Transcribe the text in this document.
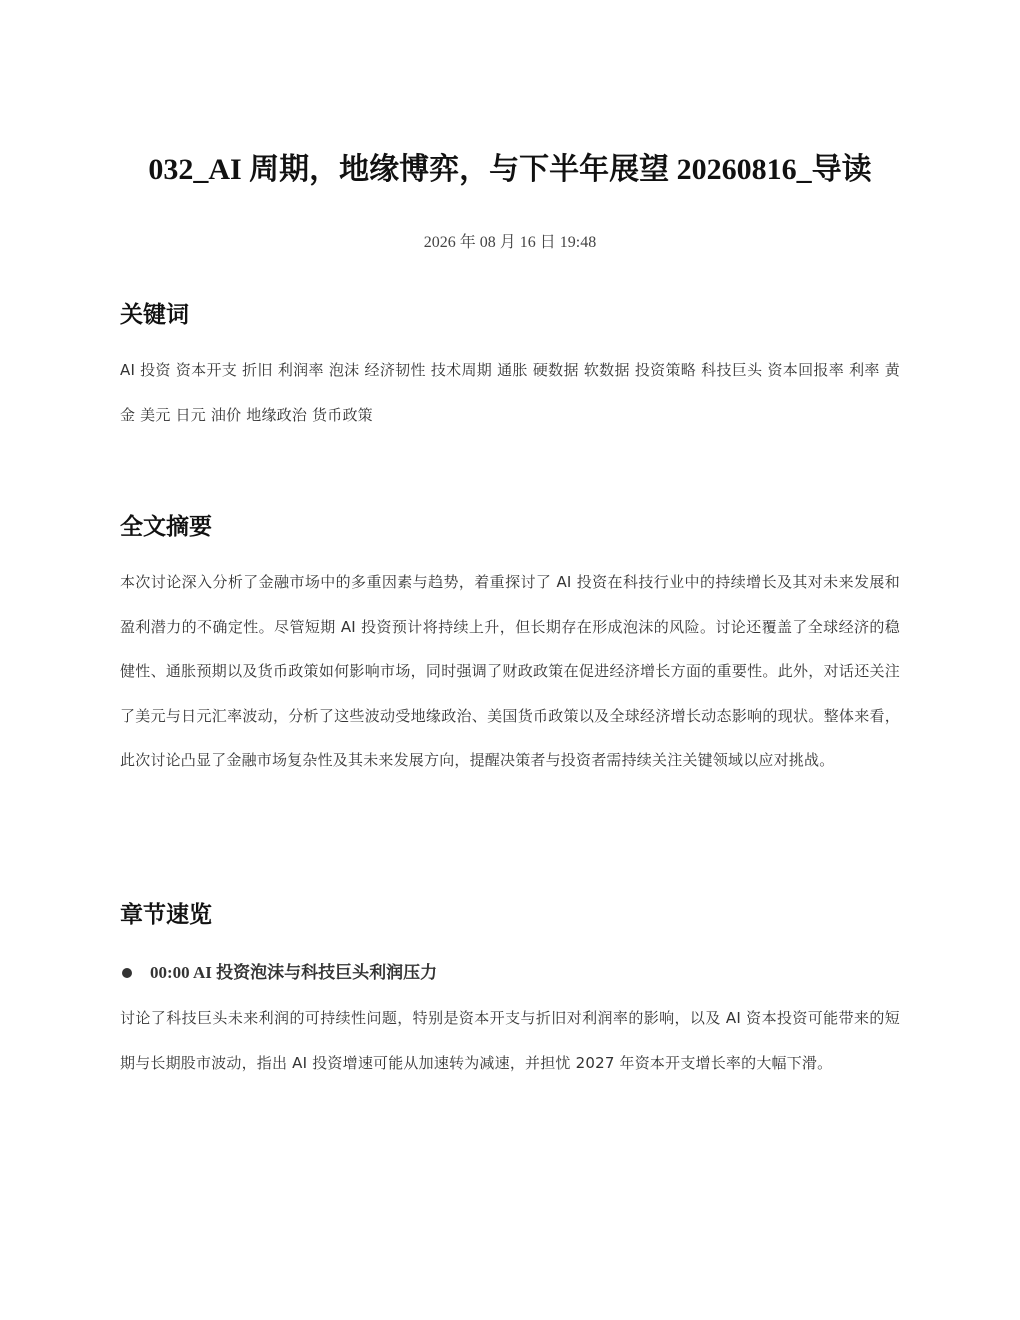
032_AI 周期，地缘博弈，与下半年展望 20260816_导读
2026 年 08 月 16 日 19:48
关键词

AI 投资 资本开支 折旧 利润率 泡沫 经济韧性 技术周期 通胀 硬数据 软数据 投资策略 科技巨头 资本回报率 利率 黄金 美元 日元 油价 地缘政治 货币政策

全文摘要

本次讨论深入分析了金融市场中的多重因素与趋势，着重探讨了 AI 投资在科技行业中的持续增长及其对未来发展和盈利潜力的不确定性。尽管短期 AI 投资预计将持续上升，但长期存在形成泡沫的风险。讨论还覆盖了全球经济的稳健性、通胀预期以及货币政策如何影响市场，同时强调了财政政策在促进经济增长方面的重要性。此外，对话还关注了美元与日元汇率波动，分析了这些波动受地缘政治、美国货币政策以及全球经济增长动态影响的现状。整体来看，此次讨论凸显了金融市场复杂性及其未来发展方向，提醒决策者与投资者需持续关注关键领域以应对挑战。

章节速览
00:00 AI 投资泡沫与科技巨头利润压力

讨论了科技巨头未来利润的可持续性问题，特别是资本开支与折旧对利润率的影响，以及 AI 资本投资可能带来的短期与长期股市波动，指出 AI 投资增速可能从加速转为减速，并担忧 2027 年资本开支增长率的大幅下滑。
